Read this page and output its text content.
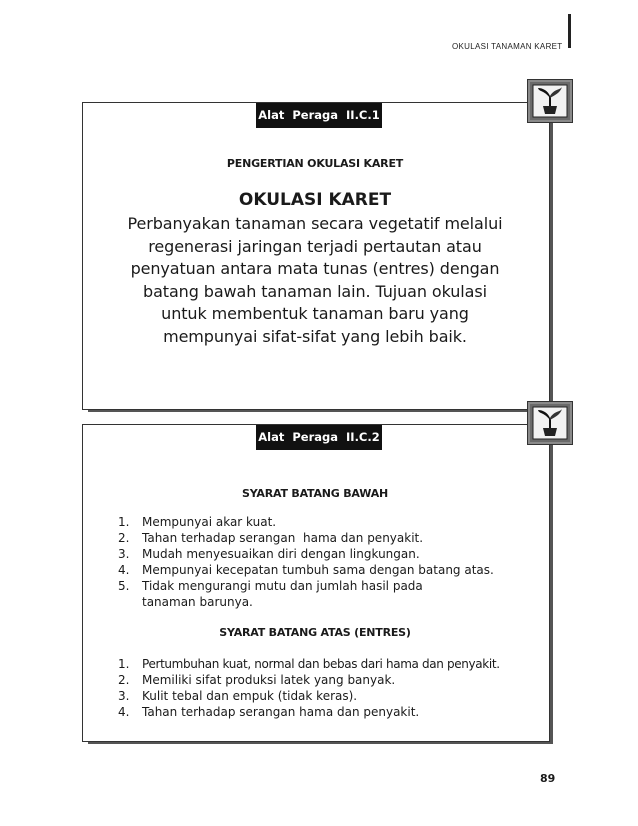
OKULASI TANAMAN KARET
Alat Peraga II.C.1
PENGERTIAN OKULASI KARET
OKULASI KARET
Perbanyakan tanaman secara vegetatif melalui
regenerasi jaringan terjadi pertautan atau
penyatuan antara mata tunas (entres) dengan
batang bawah tanaman lain. Tujuan okulasi
untuk membentuk tanaman baru yang
mempunyai sifat-sifat yang lebih baik.
Alat Peraga II.C.2
SYARAT BATANG BAWAH
1. Mempunyai akar kuat.
2. Tahan terhadap serangan  hama dan penyakit.
3. Mudah menyesuaikan diri dengan lingkungan.
4. Mempunyai kecepatan tumbuh sama dengan batang atas.
5. Tidak mengurangi mutu dan jumlah hasil pada tanaman barunya.
SYARAT BATANG ATAS (ENTRES)
1. Pertumbuhan kuat, normal dan bebas dari hama dan penyakit.
2. Memiliki sifat produksi latek yang banyak.
3. Kulit tebal dan empuk (tidak keras).
4. Tahan terhadap serangan hama dan penyakit.
89
